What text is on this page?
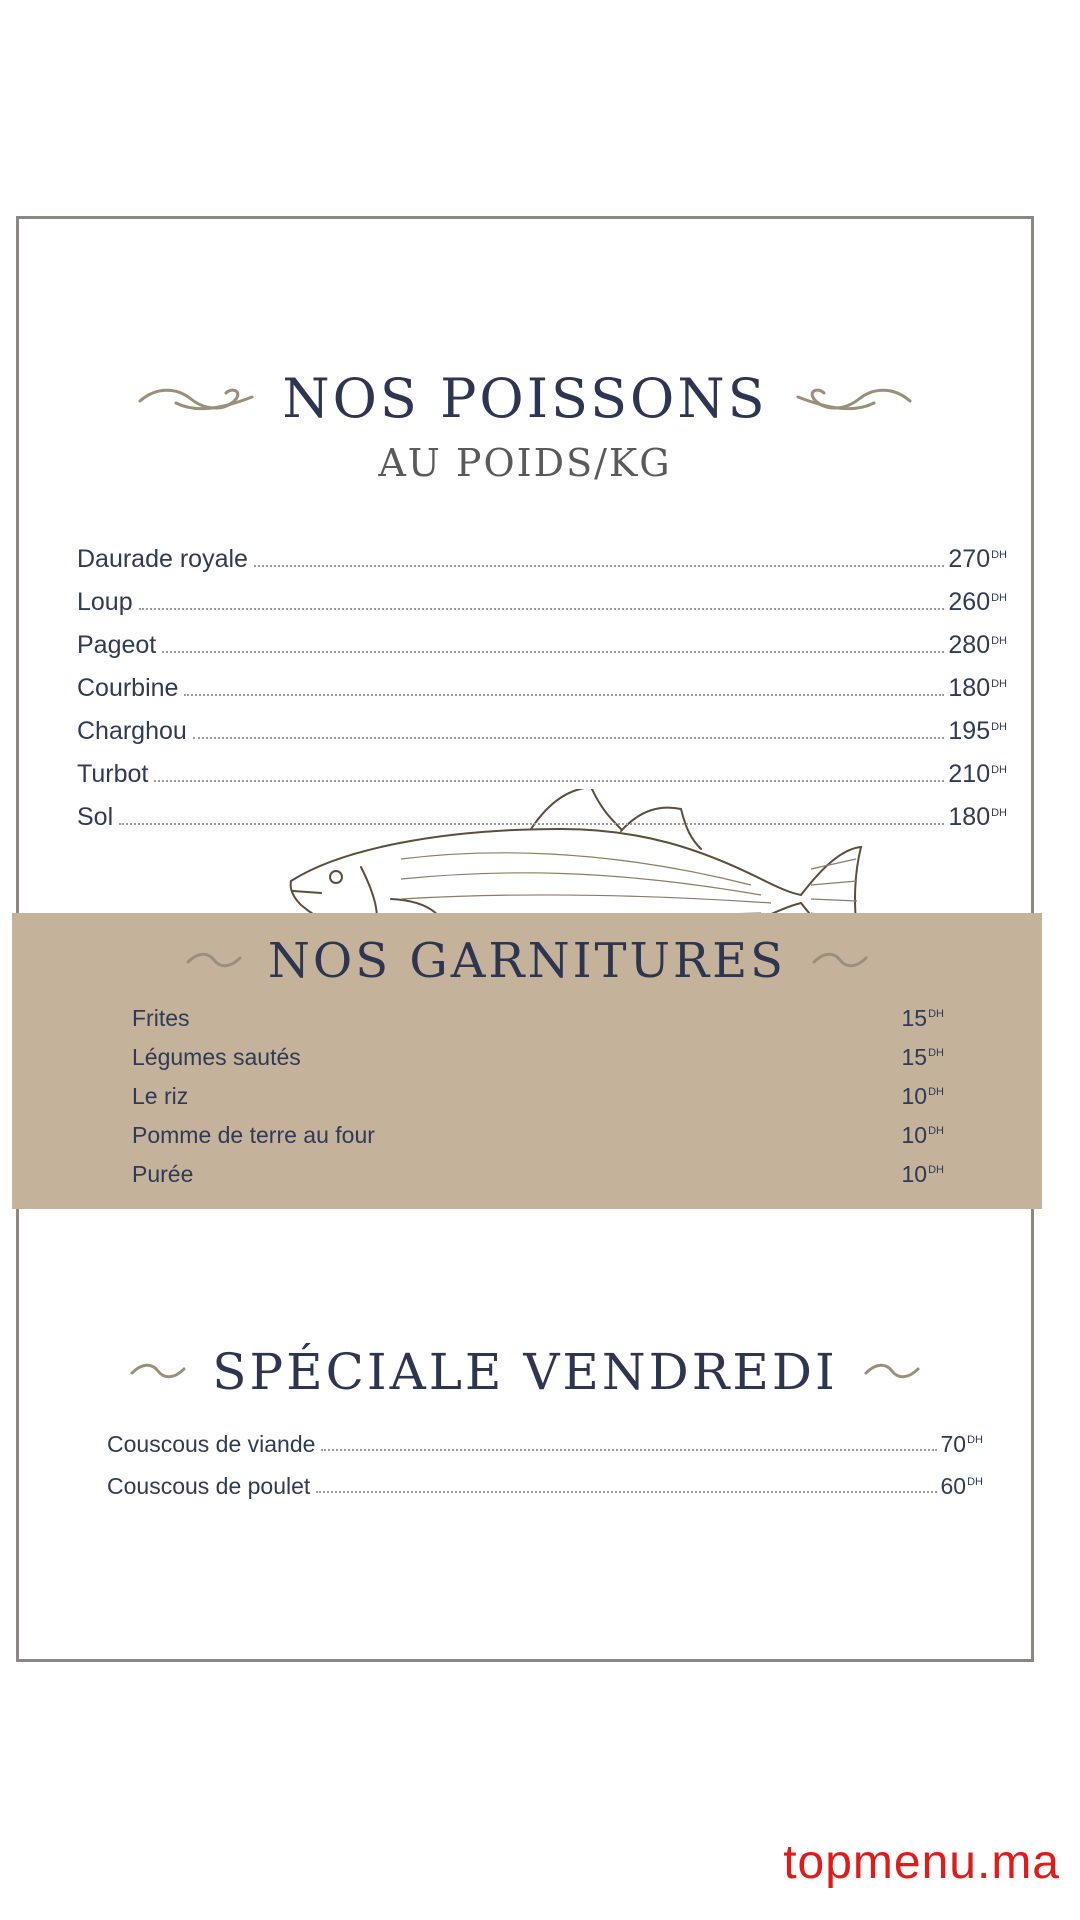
NOS POISSONS
AU POIDS/KG
Daurade royale	$270^{DH}$
Loup	$260^{DH}$
Pageot	$280^{DH}$
Courbine	$180^{DH}$
Charghou	$195^{DH}$
Turbot	$210^{DH}$
Sol	$180^{DH}$
SPÉCIALE VENDREDI
Couscous de viande	$70^{DH}$
Couscous de poulet	$60^{DH}$
NOS GARNITURES
Frites	$15^{DH}$
Légumes sautés	$15^{DH}$
Le riz	$10^{DH}$
Pomme de terre au four	$10^{DH}$
Purée	$10^{DH}$
topmenu.ma
